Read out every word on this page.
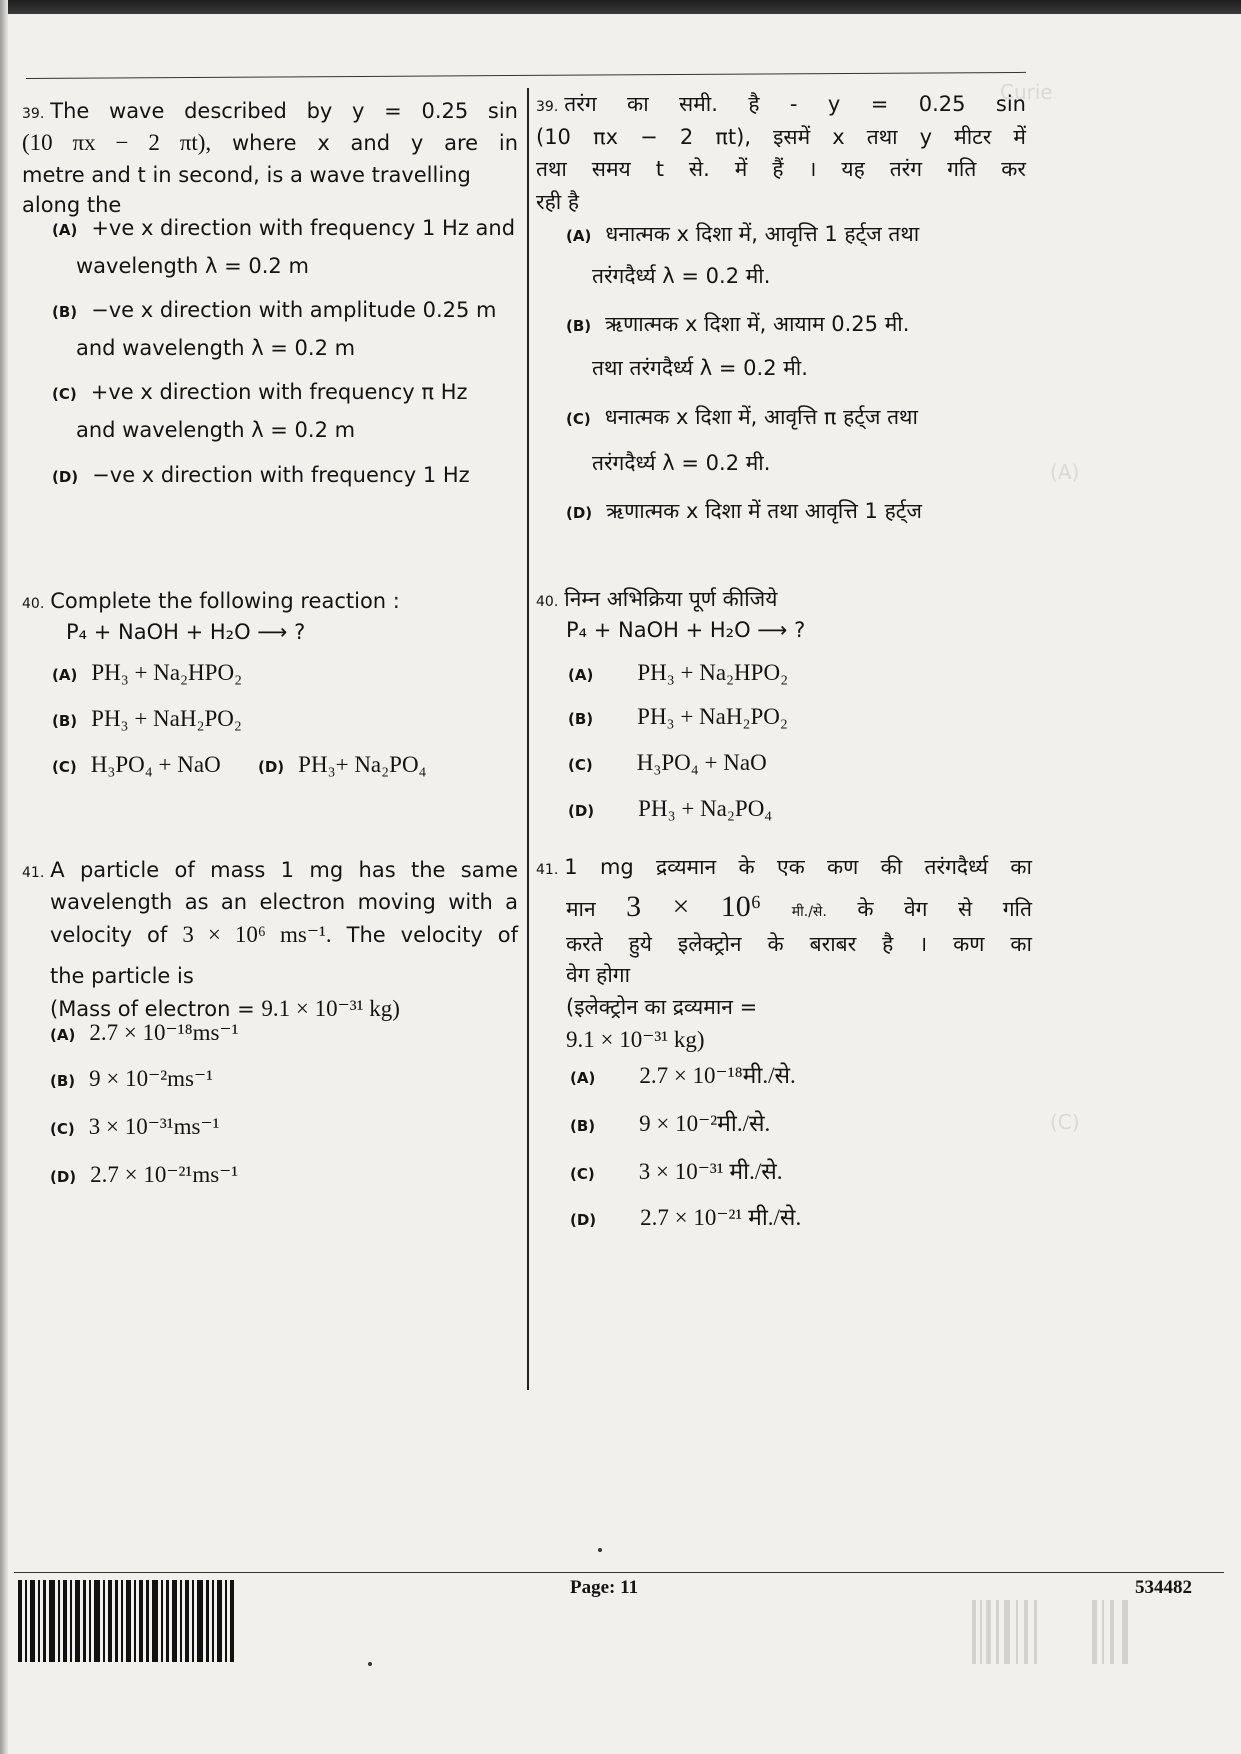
Curie
(A)
(C)

39. The wave described by y = 0.25 sin

(10 πx − 2 πt), where x and y are in

metre and t in second, is a wave travelling

along the

(A) +ve x direction with frequency 1 Hz and
wavelength λ = 0.2 m
(B) −ve x direction with amplitude 0.25 m
and wavelength λ = 0.2 m
(C) +ve x direction with frequency π Hz
and wavelength λ = 0.2 m
(D) −ve x direction with frequency 1 Hz

39. तरंग का समी. है - y = 0.25 sin

(10 πx − 2 πt), इसमें x तथा y मीटर में

तथा समय t से. में हैं । यह तरंग गति कर

रही है

(A) धनात्मक x दिशा में, आवृत्ति 1 हर्ट्ज तथा
तरंगदैर्ध्य λ = 0.2 मी.
(B) ऋणात्मक x दिशा में, आयाम 0.25 मी.
तथा तरंगदैर्ध्य λ = 0.2 मी.
(C) धनात्मक x दिशा में, आवृत्ति π हर्ट्ज तथा
तरंगदैर्ध्य λ = 0.2 मी.
(D) ऋणात्मक x दिशा में तथा आवृत्ति 1 हर्ट्ज

40. Complete the following reaction :

P₄ + NaOH + H₂O ⟶ ?
(A) PH₃ + Na₂HPO₂
(B) PH₃ + NaH₂PO₂
(C) H₃PO₄ + NaO (D) PH₃+ Na₂PO₄

40. निम्न अभिक्रिया पूर्ण कीजिये

P₄ + NaOH + H₂O ⟶ ?
(A) PH₃ + Na₂HPO₂
(B) PH₃ + NaH₂PO₂
(C) H₃PO₄ + NaO
(D) PH₃ + Na₂PO₄

41. A particle of mass 1 mg has the same

wavelength as an electron moving with a

velocity of 3 × 10⁶ ms⁻¹. The velocity of

the particle is

(Mass of electron = 9.1 × 10⁻³¹ kg)

(A) 2.7 × 10⁻¹⁸ms⁻¹
(B) 9 × 10⁻²ms⁻¹
(C) 3 × 10⁻³¹ms⁻¹
(D) 2.7 × 10⁻²¹ms⁻¹

41. 1 mg द्रव्यमान के एक कण की तरंगदैर्ध्य का

मान 3 × 10⁶ मी./से. के वेग से गति

करते हुये इलेक्ट्रोन के बराबर है । कण का

वेग होगा

(इलेक्ट्रोन का द्रव्यमान =

9.1 × 10⁻³¹ kg)

(A) 2.7 × 10⁻¹⁸मी./से.
(B) 9 × 10⁻²मी./से.
(C) 3 × 10⁻³¹ मी./से.
(D) 2.7 × 10⁻²¹ मी./से.
Page: 11	534482
